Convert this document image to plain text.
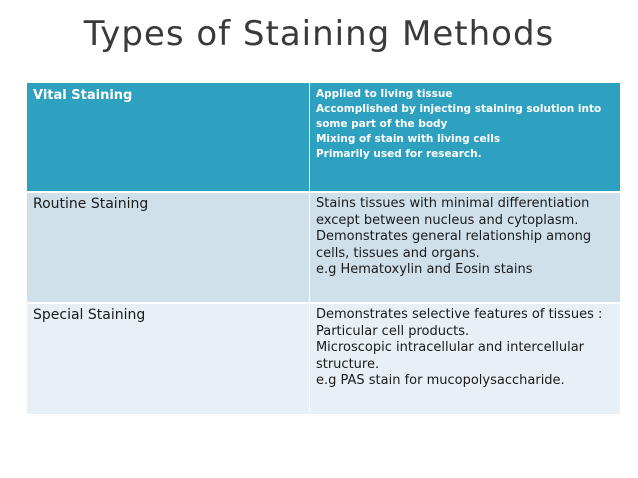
Types of Staining Methods
Vital Staining	Applied to living tissue
Accomplished by injecting staining solution into some part of the body
Mixing of stain with living cells
Primarily used for research.

Routine Staining	Stains tissues with minimal differentiation except between nucleus and cytoplasm.
Demonstrates general relationship among cells, tissues and organs.
e.g Hematoxylin and Eosin stains

Special Staining	Demonstrates selective features of tissues :
Particular cell products.
Microscopic intracellular and intercellular structure.
e.g PAS stain for mucopolysaccharide.
